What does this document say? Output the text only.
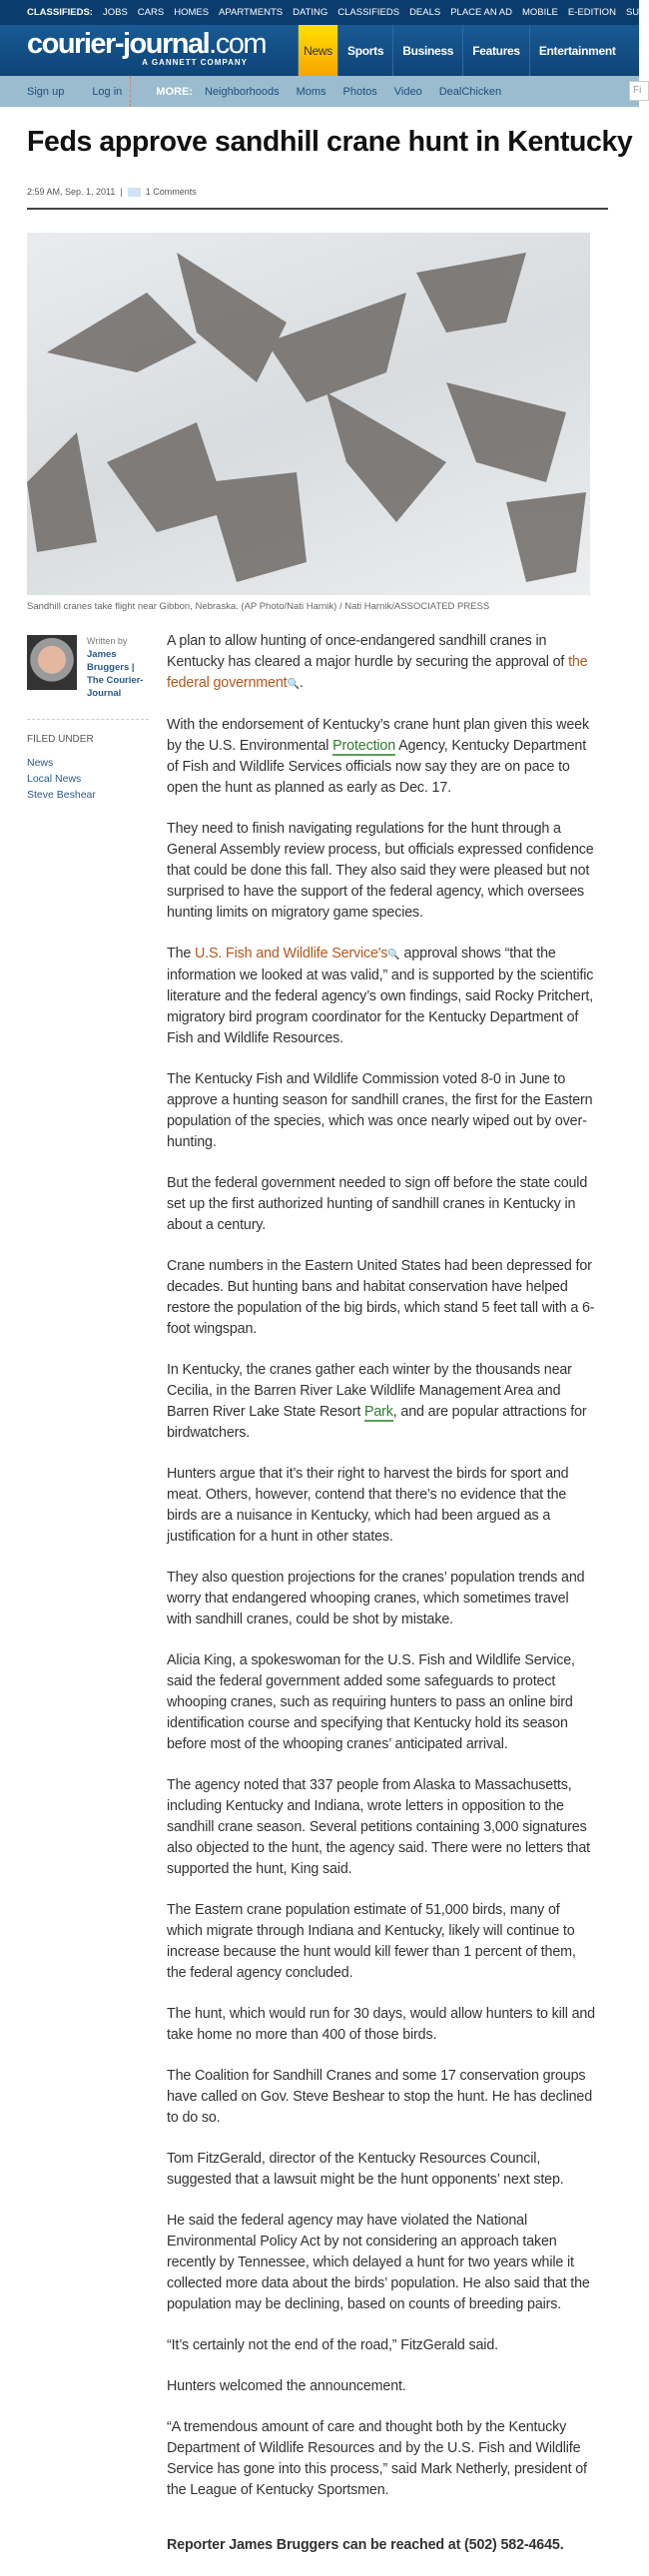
CLASSIFIEDS: JOBS CARS HOMES APARTMENTS DATING CLASSIFIEDS DEALS PLACE AN AD MOBILE E-EDITION SU
courier-journal.com
A GANNETT COMPANY
News	Sports	Business	Features	Entertainment
Sign up	Log in	MORE: Neighborhoods Moms Photos Video DealChicken	Fi
Feds approve sandhill crane hunt in Kentucky
2:59 AM, Sep. 1, 2011 |	1 Comments
Sandhill cranes take flight near Gibbon, Nebraska. (AP Photo/Nati Harnik) / Nati Harnik/ASSOCIATED PRESS
Written by
James Bruggers | The Courier-Journal
FILED UNDER
News
Local News
Steve Beshear

A plan to allow hunting of once-endangered sandhill cranes in Kentucky has cleared a major hurdle by securing the approval of the federal government🔍.

With the endorsement of Kentucky’s crane hunt plan given this week by the U.S. Environmental Protection Agency, Kentucky Department of Fish and Wildlife Services officials now say they are on pace to open the hunt as planned as early as Dec. 17.

They need to finish navigating regulations for the hunt through a General Assembly review process, but officials expressed confidence that could be done this fall. They also said they were pleased but not surprised to have the support of the federal agency, which oversees hunting limits on migratory game species.

The U.S. Fish and Wildlife Service's🔍 approval shows “that the information we looked at was valid,” and is supported by the scientific literature and the federal agency’s own findings, said Rocky Pritchert, migratory bird program coordinator for the Kentucky Department of Fish and Wildlife Resources.

The Kentucky Fish and Wildlife Commission voted 8-0 in June to approve a hunting season for sandhill cranes, the first for the Eastern population of the species, which was once nearly wiped out by over-hunting.

But the federal government needed to sign off before the state could set up the first authorized hunting of sandhill cranes in Kentucky in about a century.

Crane numbers in the Eastern United States had been depressed for decades. But hunting bans and habitat conservation have helped restore the population of the big birds, which stand 5 feet tall with a 6-foot wingspan.

In Kentucky, the cranes gather each winter by the thousands near Cecilia, in the Barren River Lake Wildlife Management Area and Barren River Lake State Resort Park, and are popular attractions for birdwatchers.

Hunters argue that it’s their right to harvest the birds for sport and meat. Others, however, contend that there’s no evidence that the birds are a nuisance in Kentucky, which had been argued as a justification for a hunt in other states.

They also question projections for the cranes’ population trends and worry that endangered whooping cranes, which sometimes travel with sandhill cranes, could be shot by mistake.

Alicia King, a spokeswoman for the U.S. Fish and Wildlife Service, said the federal government added some safeguards to protect whooping cranes, such as requiring hunters to pass an online bird identification course and specifying that Kentucky hold its season before most of the whooping cranes’ anticipated arrival.

The agency noted that 337 people from Alaska to Massachusetts, including Kentucky and Indiana, wrote letters in opposition to the sandhill crane season. Several petitions containing 3,000 signatures also objected to the hunt, the agency said. There were no letters that supported the hunt, King said.

The Eastern crane population estimate of 51,000 birds, many of which migrate through Indiana and Kentucky, likely will continue to increase because the hunt would kill fewer than 1 percent of them, the federal agency concluded.

The hunt, which would run for 30 days, would allow hunters to kill and take home no more than 400 of those birds.

The Coalition for Sandhill Cranes and some 17 conservation groups have called on Gov. Steve Beshear to stop the hunt. He has declined to do so.

Tom FitzGerald, director of the Kentucky Resources Council, suggested that a lawsuit might be the hunt opponents’ next step.

He said the federal agency may have violated the National Environmental Policy Act by not considering an approach taken recently by Tennessee, which delayed a hunt for two years while it collected more data about the birds’ population. He also said that the population may be declining, based on counts of breeding pairs.

“It’s certainly not the end of the road,” FitzGerald said.

Hunters welcomed the announcement.

“A tremendous amount of care and thought both by the Kentucky Department of Wildlife Resources and by the U.S. Fish and Wildlife Service has gone into this process,” said Mark Netherly, president of the League of Kentucky Sportsmen.

Reporter James Bruggers can be reached at (502) 582-4645.
